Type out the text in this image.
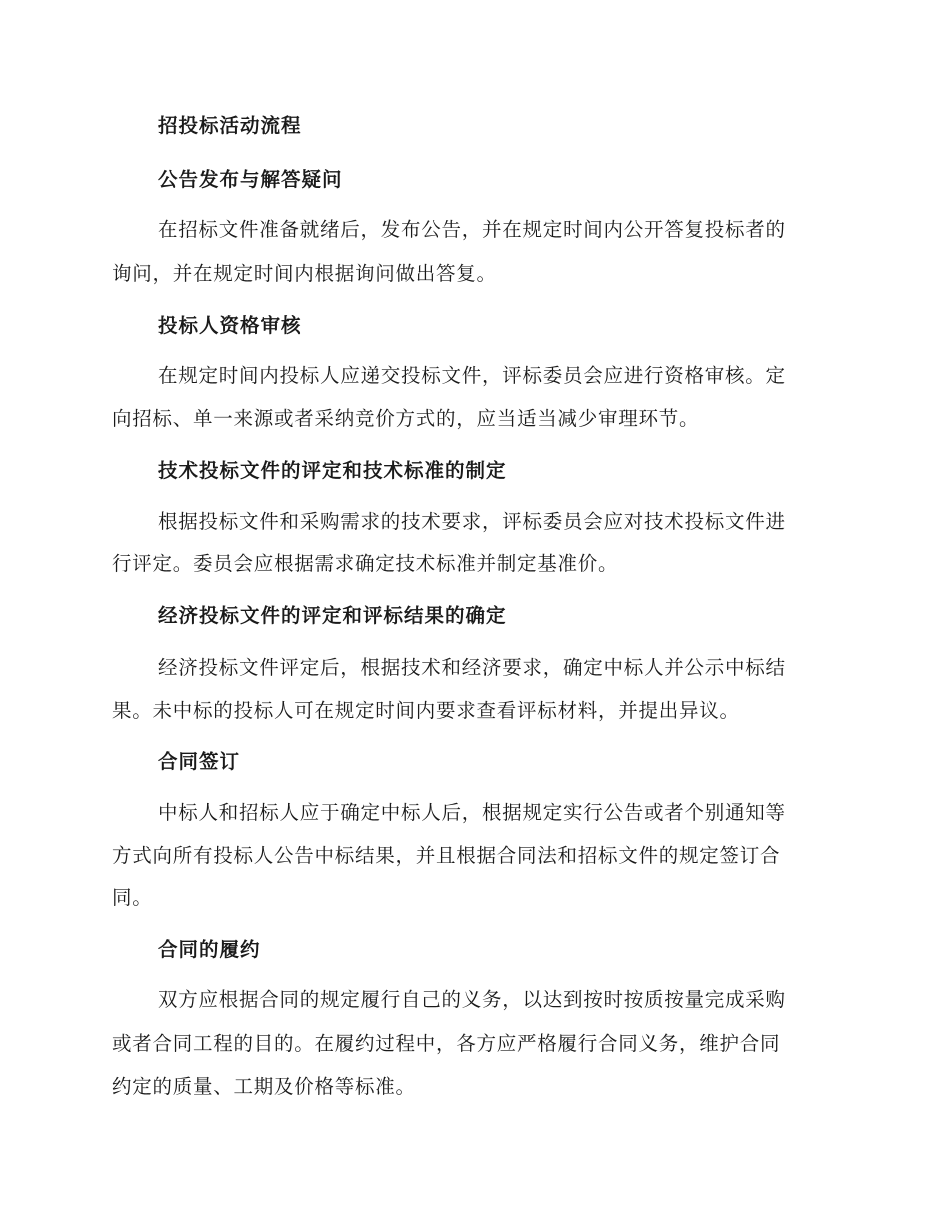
招投标活动流程
公告发布与解答疑问
在招标文件准备就绪后，发布公告，并在规定时间内公开答复投标者的
询问，并在规定时间内根据询问做出答复。
投标人资格审核
在规定时间内投标人应递交投标文件，评标委员会应进行资格审核。定
向招标、单一来源或者采纳竞价方式的，应当适当减少审理环节。
技术投标文件的评定和技术标准的制定
根据投标文件和采购需求的技术要求，评标委员会应对技术投标文件进
行评定。委员会应根据需求确定技术标准并制定基准价。
经济投标文件的评定和评标结果的确定
经济投标文件评定后，根据技术和经济要求，确定中标人并公示中标结
果。未中标的投标人可在规定时间内要求查看评标材料，并提出异议。
合同签订
中标人和招标人应于确定中标人后，根据规定实行公告或者个别通知等
方式向所有投标人公告中标结果，并且根据合同法和招标文件的规定签订合
同。
合同的履约
双方应根据合同的规定履行自己的义务，以达到按时按质按量完成采购
或者合同工程的目的。在履约过程中，各方应严格履行合同义务，维护合同
约定的质量、工期及价格等标准。
